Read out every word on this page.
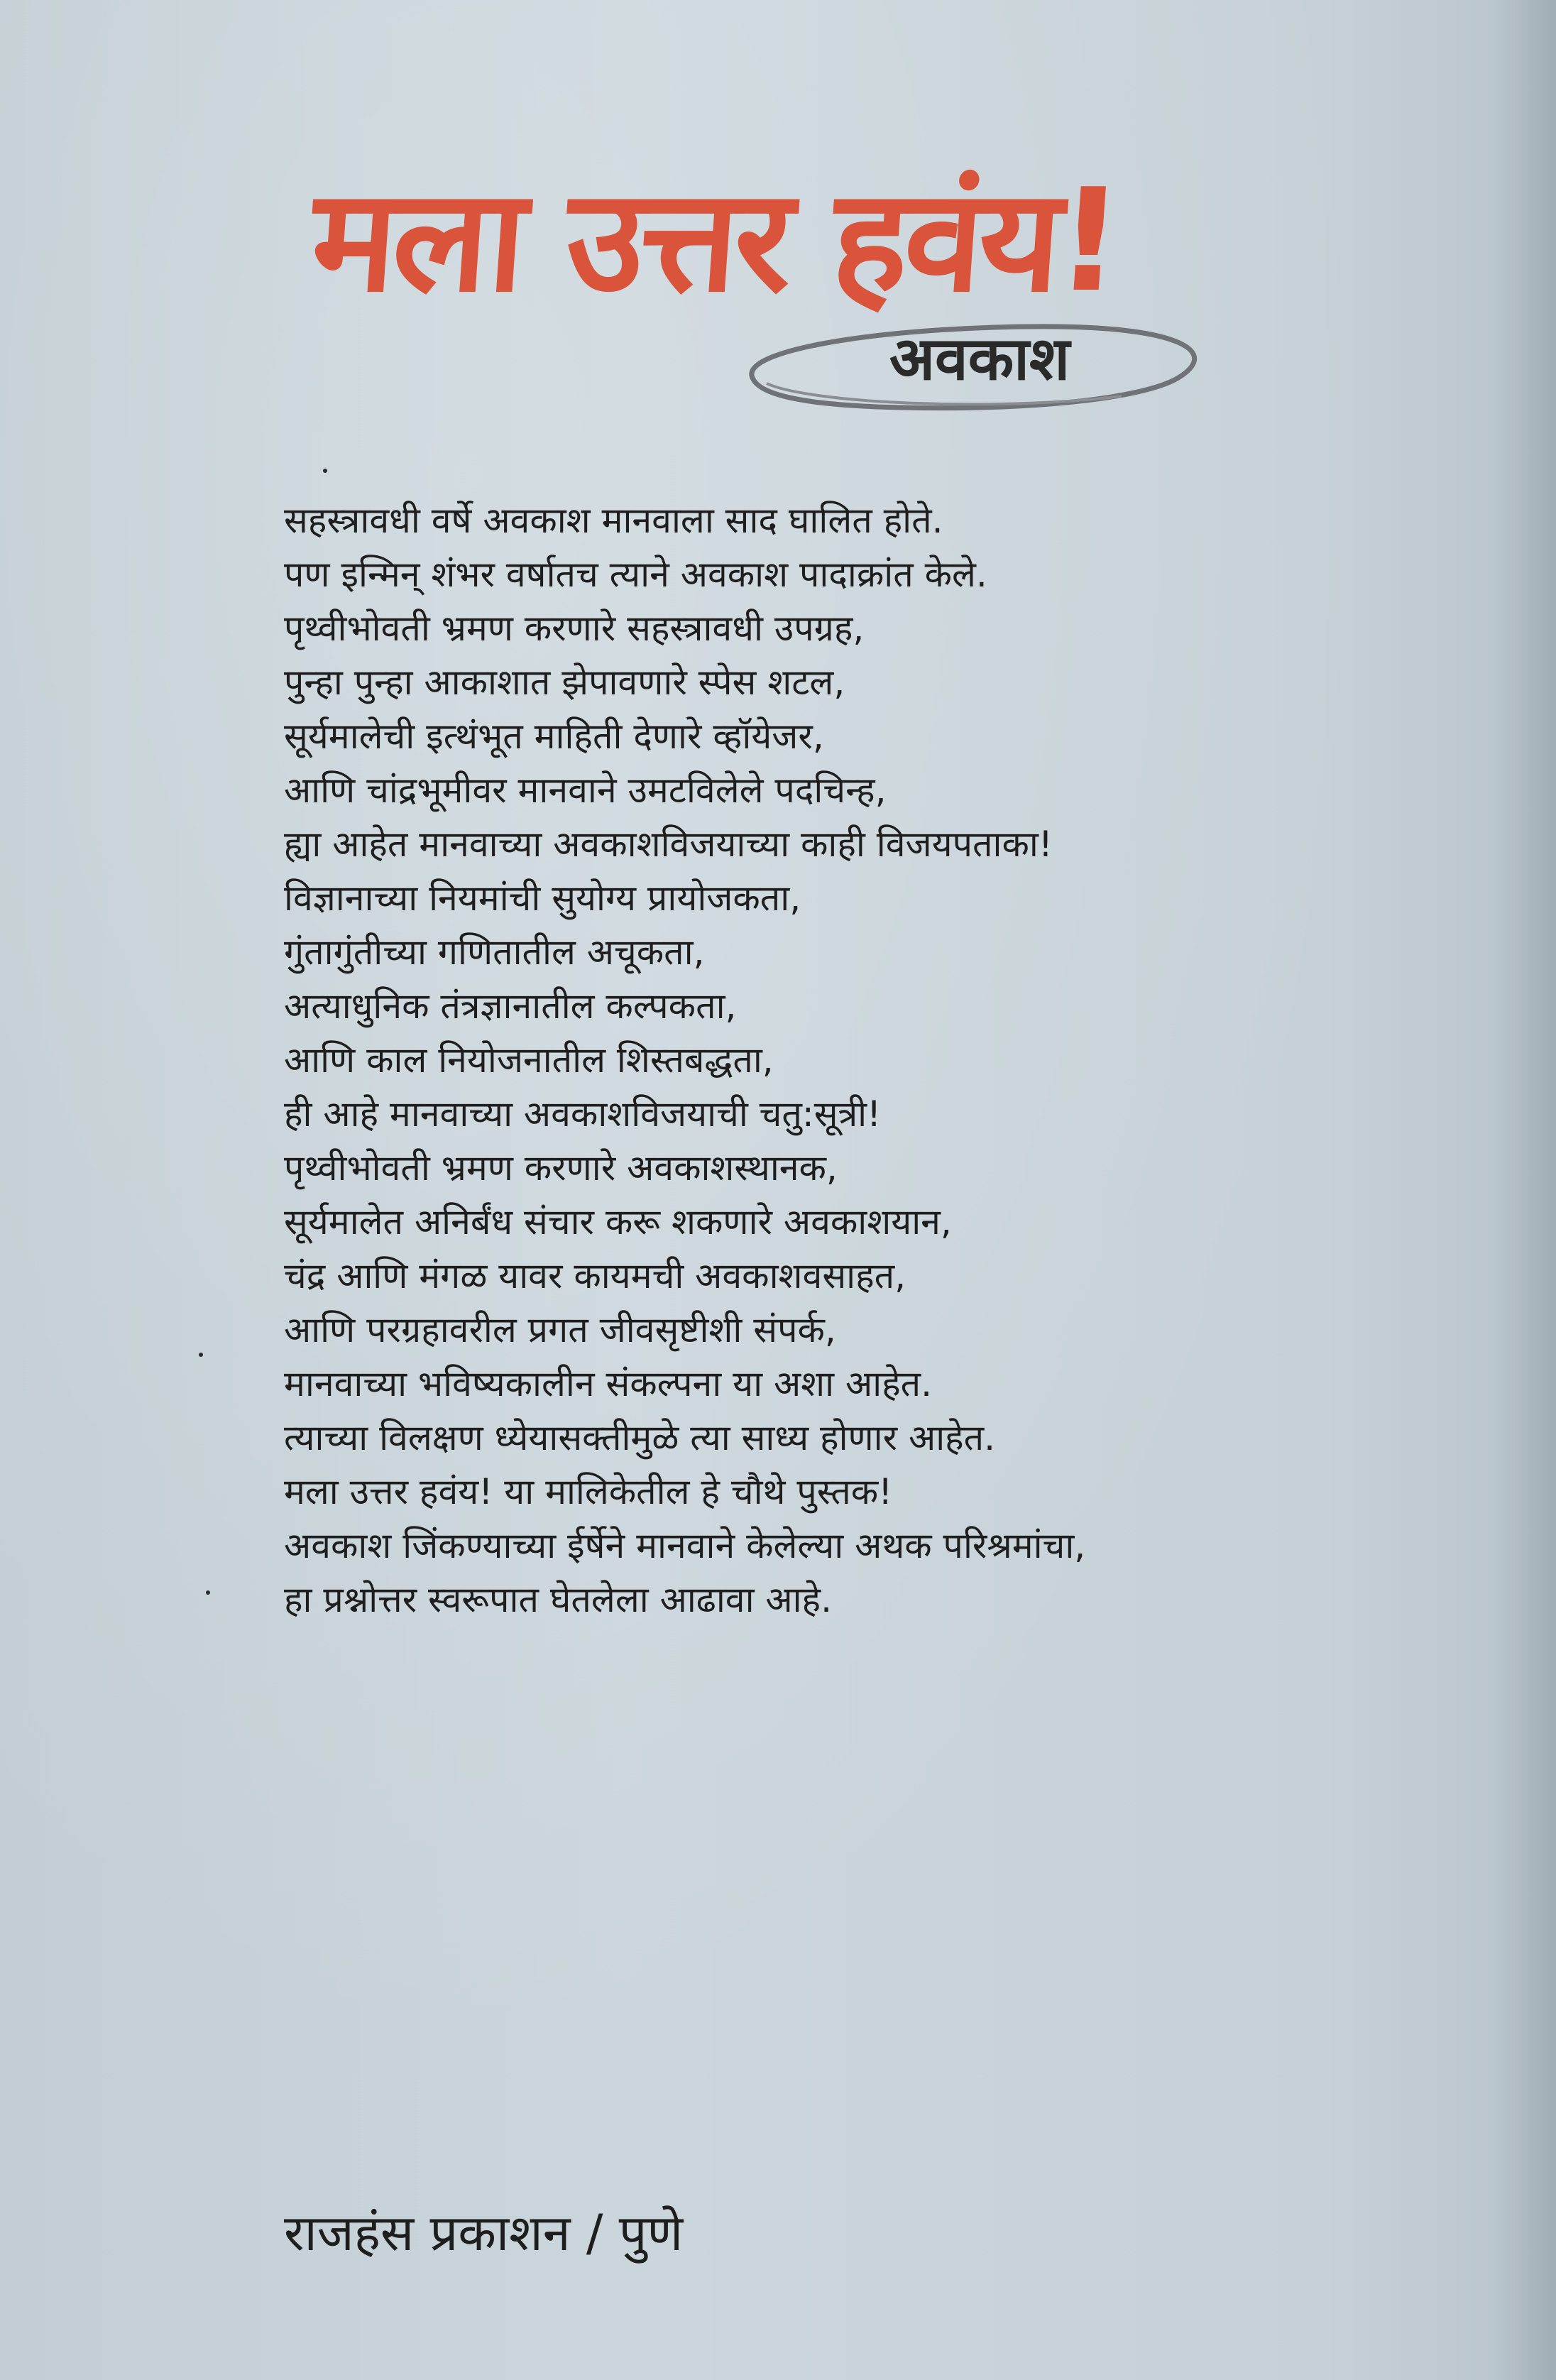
मला उत्तर हवंय!
अवकाश
सहस्त्रावधी वर्षे अवकाश मानवाला साद घालित होते.
पण इन्मिन् शंभर वर्षातच त्याने अवकाश पादाक्रांत केले.
पृथ्वीभोवती भ्रमण करणारे सहस्त्रावधी उपग्रह,
पुन्हा पुन्हा आकाशात झेपावणारे स्पेस शटल,
सूर्यमालेची इत्थंभूत माहिती देणारे व्हॉयेजर,
आणि चांद्रभूमीवर मानवाने उमटविलेले पदचिन्ह,
ह्या आहेत मानवाच्या अवकाशविजयाच्या काही विजयपताका!
विज्ञानाच्या नियमांची सुयोग्य प्रायोजकता,
गुंतागुंतीच्या गणितातील अचूकता,
अत्याधुनिक तंत्रज्ञानातील कल्पकता,
आणि काल नियोजनातील शिस्तबद्धता,
ही आहे मानवाच्या अवकाशविजयाची चतु:सूत्री!
पृथ्वीभोवती भ्रमण करणारे अवकाशस्थानक,
सूर्यमालेत अनिर्बंध संचार करू शकणारे अवकाशयान,
चंद्र आणि मंगळ यावर कायमची अवकाशवसाहत,
आणि परग्रहावरील प्रगत जीवसृष्टीशी संपर्क,
मानवाच्या भविष्यकालीन संकल्पना या अशा आहेत.
त्याच्या विलक्षण ध्येयासक्तीमुळे त्या साध्य होणार आहेत.
मला उत्तर हवंय! या मालिकेतील हे चौथे पुस्तक!
अवकाश जिंकण्याच्या ईर्षेने मानवाने केलेल्या अथक परिश्रमांचा,
हा प्रश्नोत्तर स्वरूपात घेतलेला आढावा आहे.
राजहंस प्रकाशन / पुणे
